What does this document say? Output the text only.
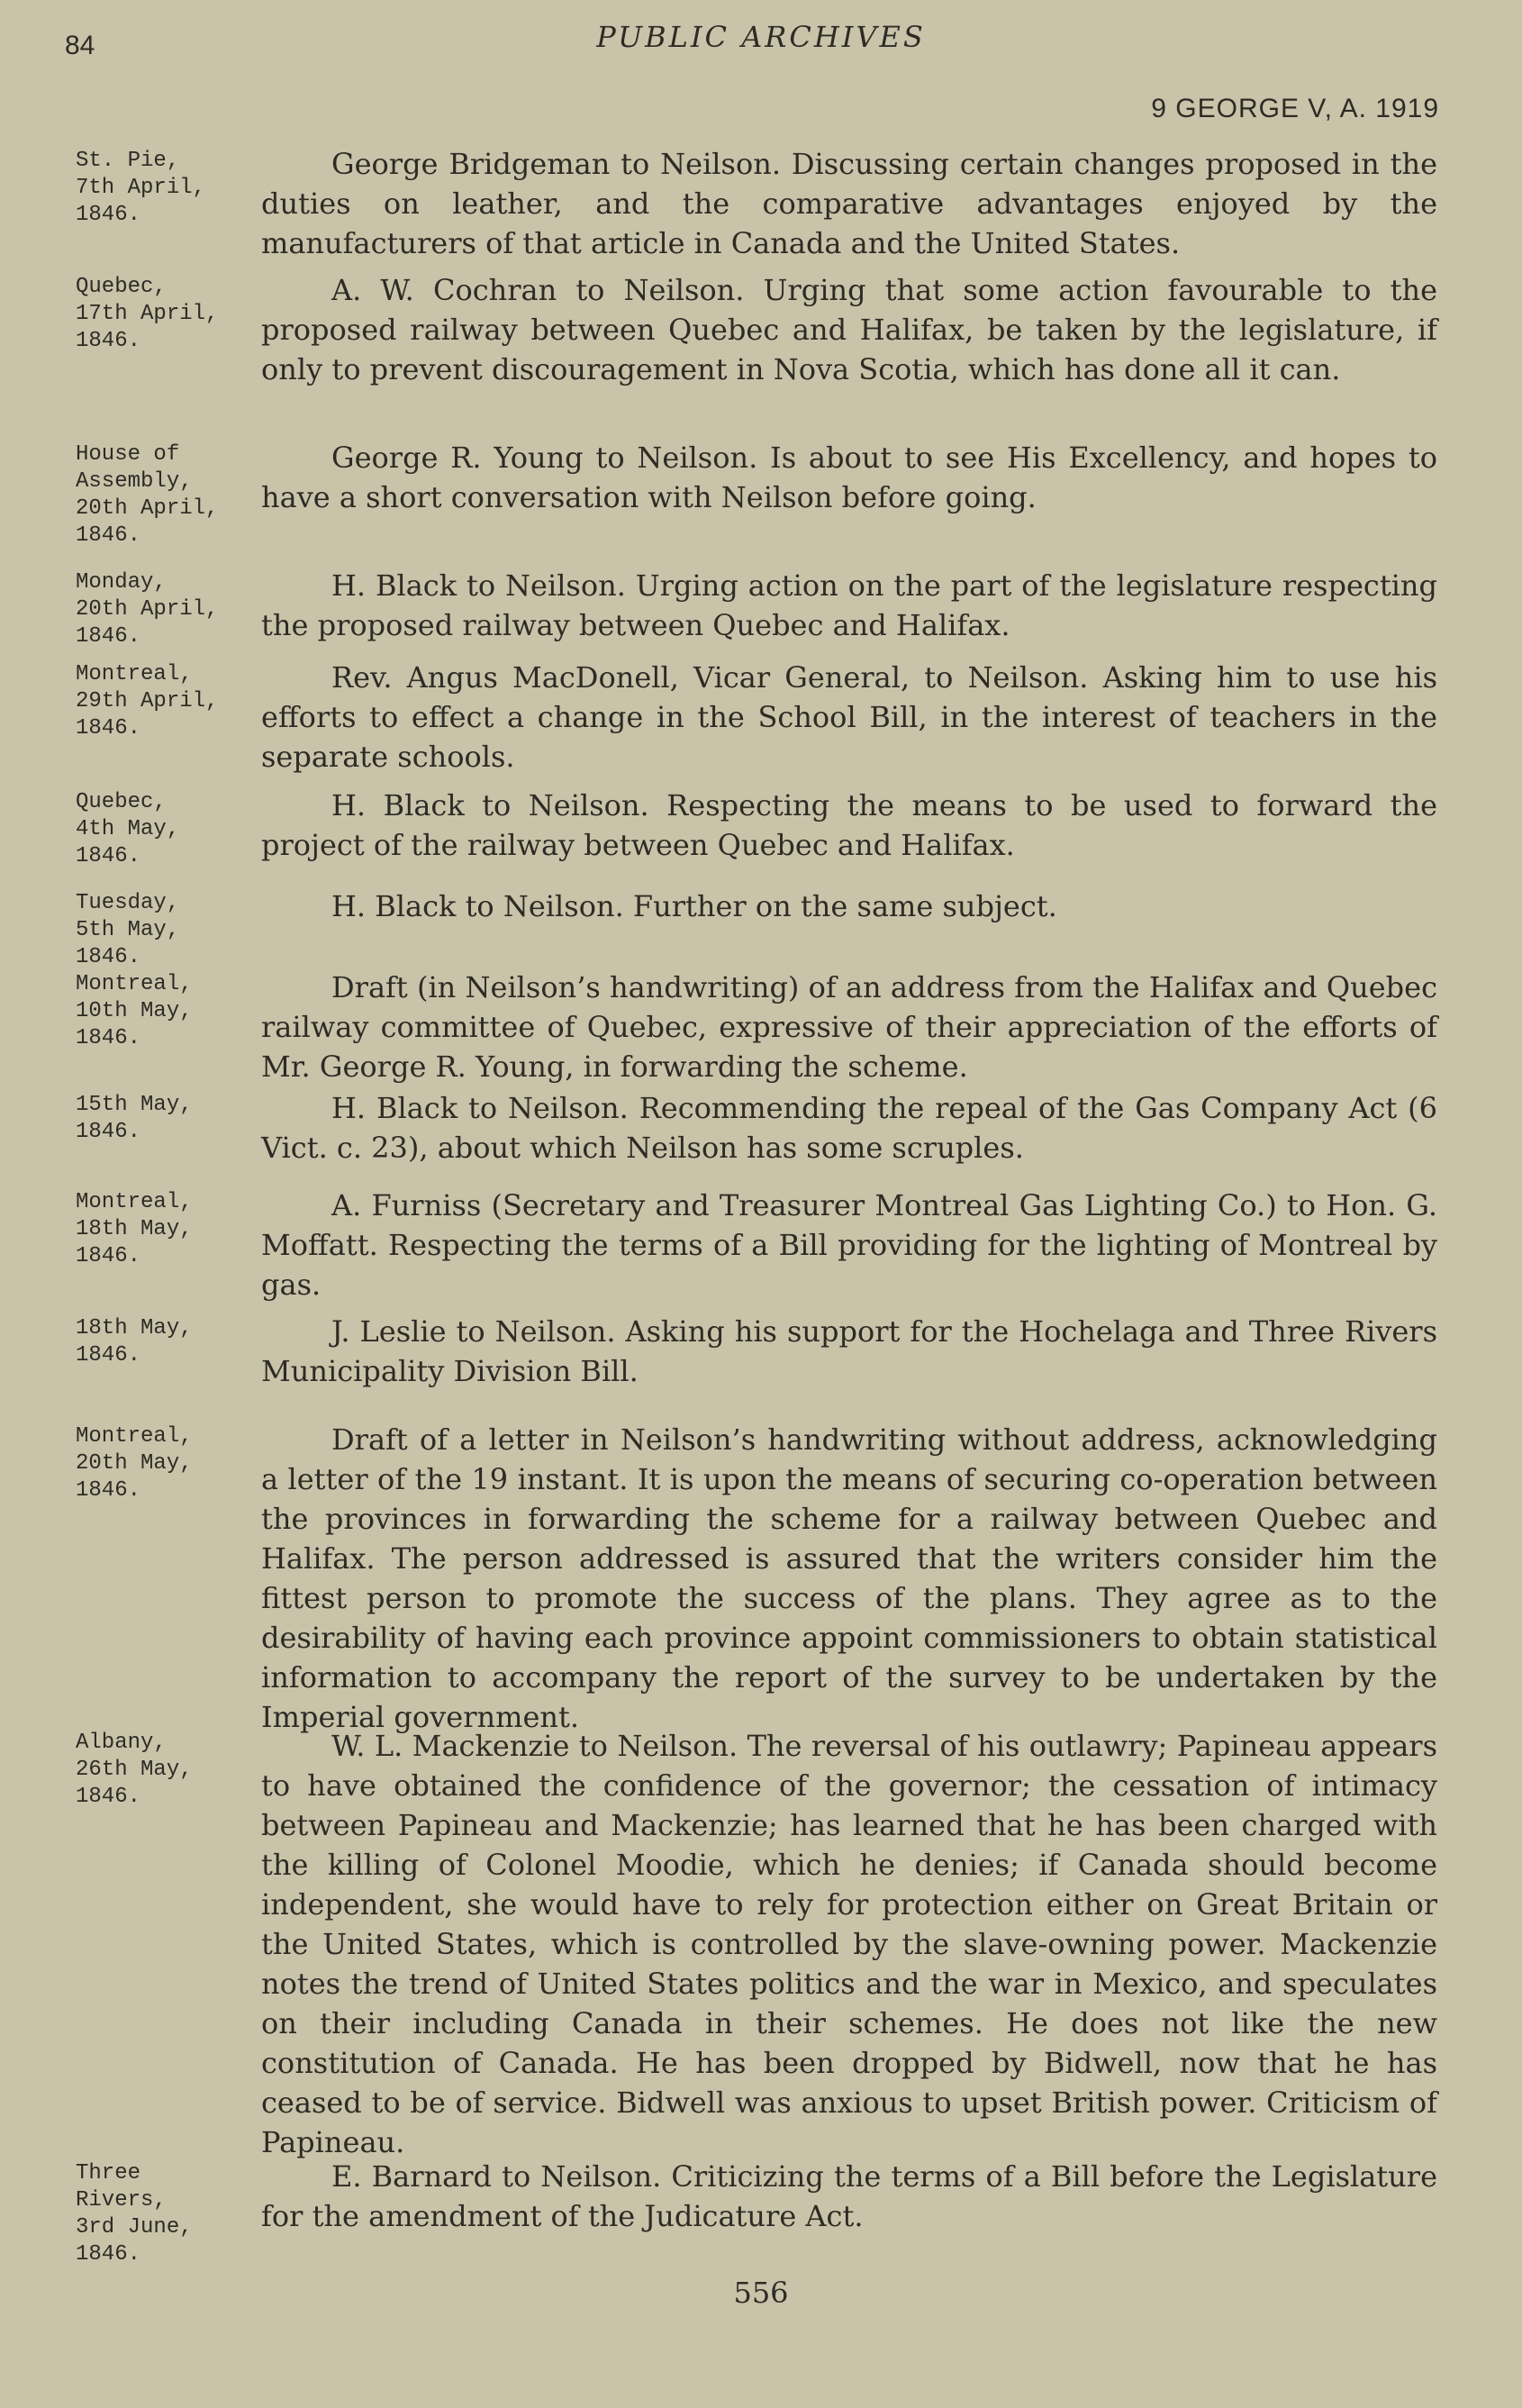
84	PUBLIC ARCHIVES
9 GEORGE V, A. 1919
St. Pie,
7th April,
1846.
George Bridgeman to Neilson. Discussing certain changes proposed in the duties on leather, and the comparative advantages enjoyed by the manufacturers of that article in Canada and the United States.
Quebec,
17th April,
1846.
A. W. Cochran to Neilson. Urging that some action favourable to the proposed railway between Quebec and Halifax, be taken by the legislature, if only to prevent discouragement in Nova Scotia, which has done all it can.
House of
Assembly,
20th April,
1846.
George R. Young to Neilson. Is about to see His Excellency, and hopes to have a short conversation with Neilson before going.
Monday,
20th April,
1846.
H. Black to Neilson. Urging action on the part of the legislature respecting the proposed railway between Quebec and Halifax.
Montreal,
29th April,
1846.
Rev. Angus MacDonell, Vicar General, to Neilson. Asking him to use his efforts to effect a change in the School Bill, in the interest of teachers in the separate schools.
Quebec,
4th May,
1846.
H. Black to Neilson. Respecting the means to be used to forward the project of the railway between Quebec and Halifax.
Tuesday,
5th May,
1846.
H. Black to Neilson. Further on the same subject.
Montreal,
10th May,
1846.
Draft (in Neilson’s handwriting) of an address from the Halifax and Quebec railway committee of Quebec, expressive of their appreciation of the efforts of Mr. George R. Young, in forwarding the scheme.
15th May,
1846.
H. Black to Neilson. Recommending the repeal of the Gas Company Act (6 Vict. c. 23), about which Neilson has some scruples.
Montreal,
18th May,
1846.
A. Furniss (Secretary and Treasurer Montreal Gas Lighting Co.) to Hon. G. Moffatt. Respecting the terms of a Bill providing for the lighting of Montreal by gas.
18th May,
1846.
J. Leslie to Neilson. Asking his support for the Hochelaga and Three Rivers Municipality Division Bill.
Montreal,
20th May,
1846.
Draft of a letter in Neilson’s handwriting without address, acknowledging a letter of the 19 instant. It is upon the means of securing co-operation between the provinces in forwarding the scheme for a railway between Quebec and Halifax. The person addressed is assured that the writers consider him the fittest person to promote the success of the plans. They agree as to the desirability of having each province appoint commissioners to obtain statistical information to accompany the report of the survey to be undertaken by the Imperial government.
Albany,
26th May,
1846.
W. L. Mackenzie to Neilson. The reversal of his outlawry; Papineau appears to have obtained the confidence of the governor; the cessation of intimacy between Papineau and Mackenzie; has learned that he has been charged with the killing of Colonel Moodie, which he denies; if Canada should become independent, she would have to rely for protection either on Great Britain or the United States, which is controlled by the slave-owning power. Mackenzie notes the trend of United States politics and the war in Mexico, and speculates on their including Canada in their schemes. He does not like the new constitution of Canada. He has been dropped by Bidwell, now that he has ceased to be of service. Bidwell was anxious to upset British power. Criticism of Papineau.
Three
Rivers,
3rd June,
1846.
E. Barnard to Neilson. Criticizing the terms of a Bill before the Legislature for the amendment of the Judicature Act.
556
